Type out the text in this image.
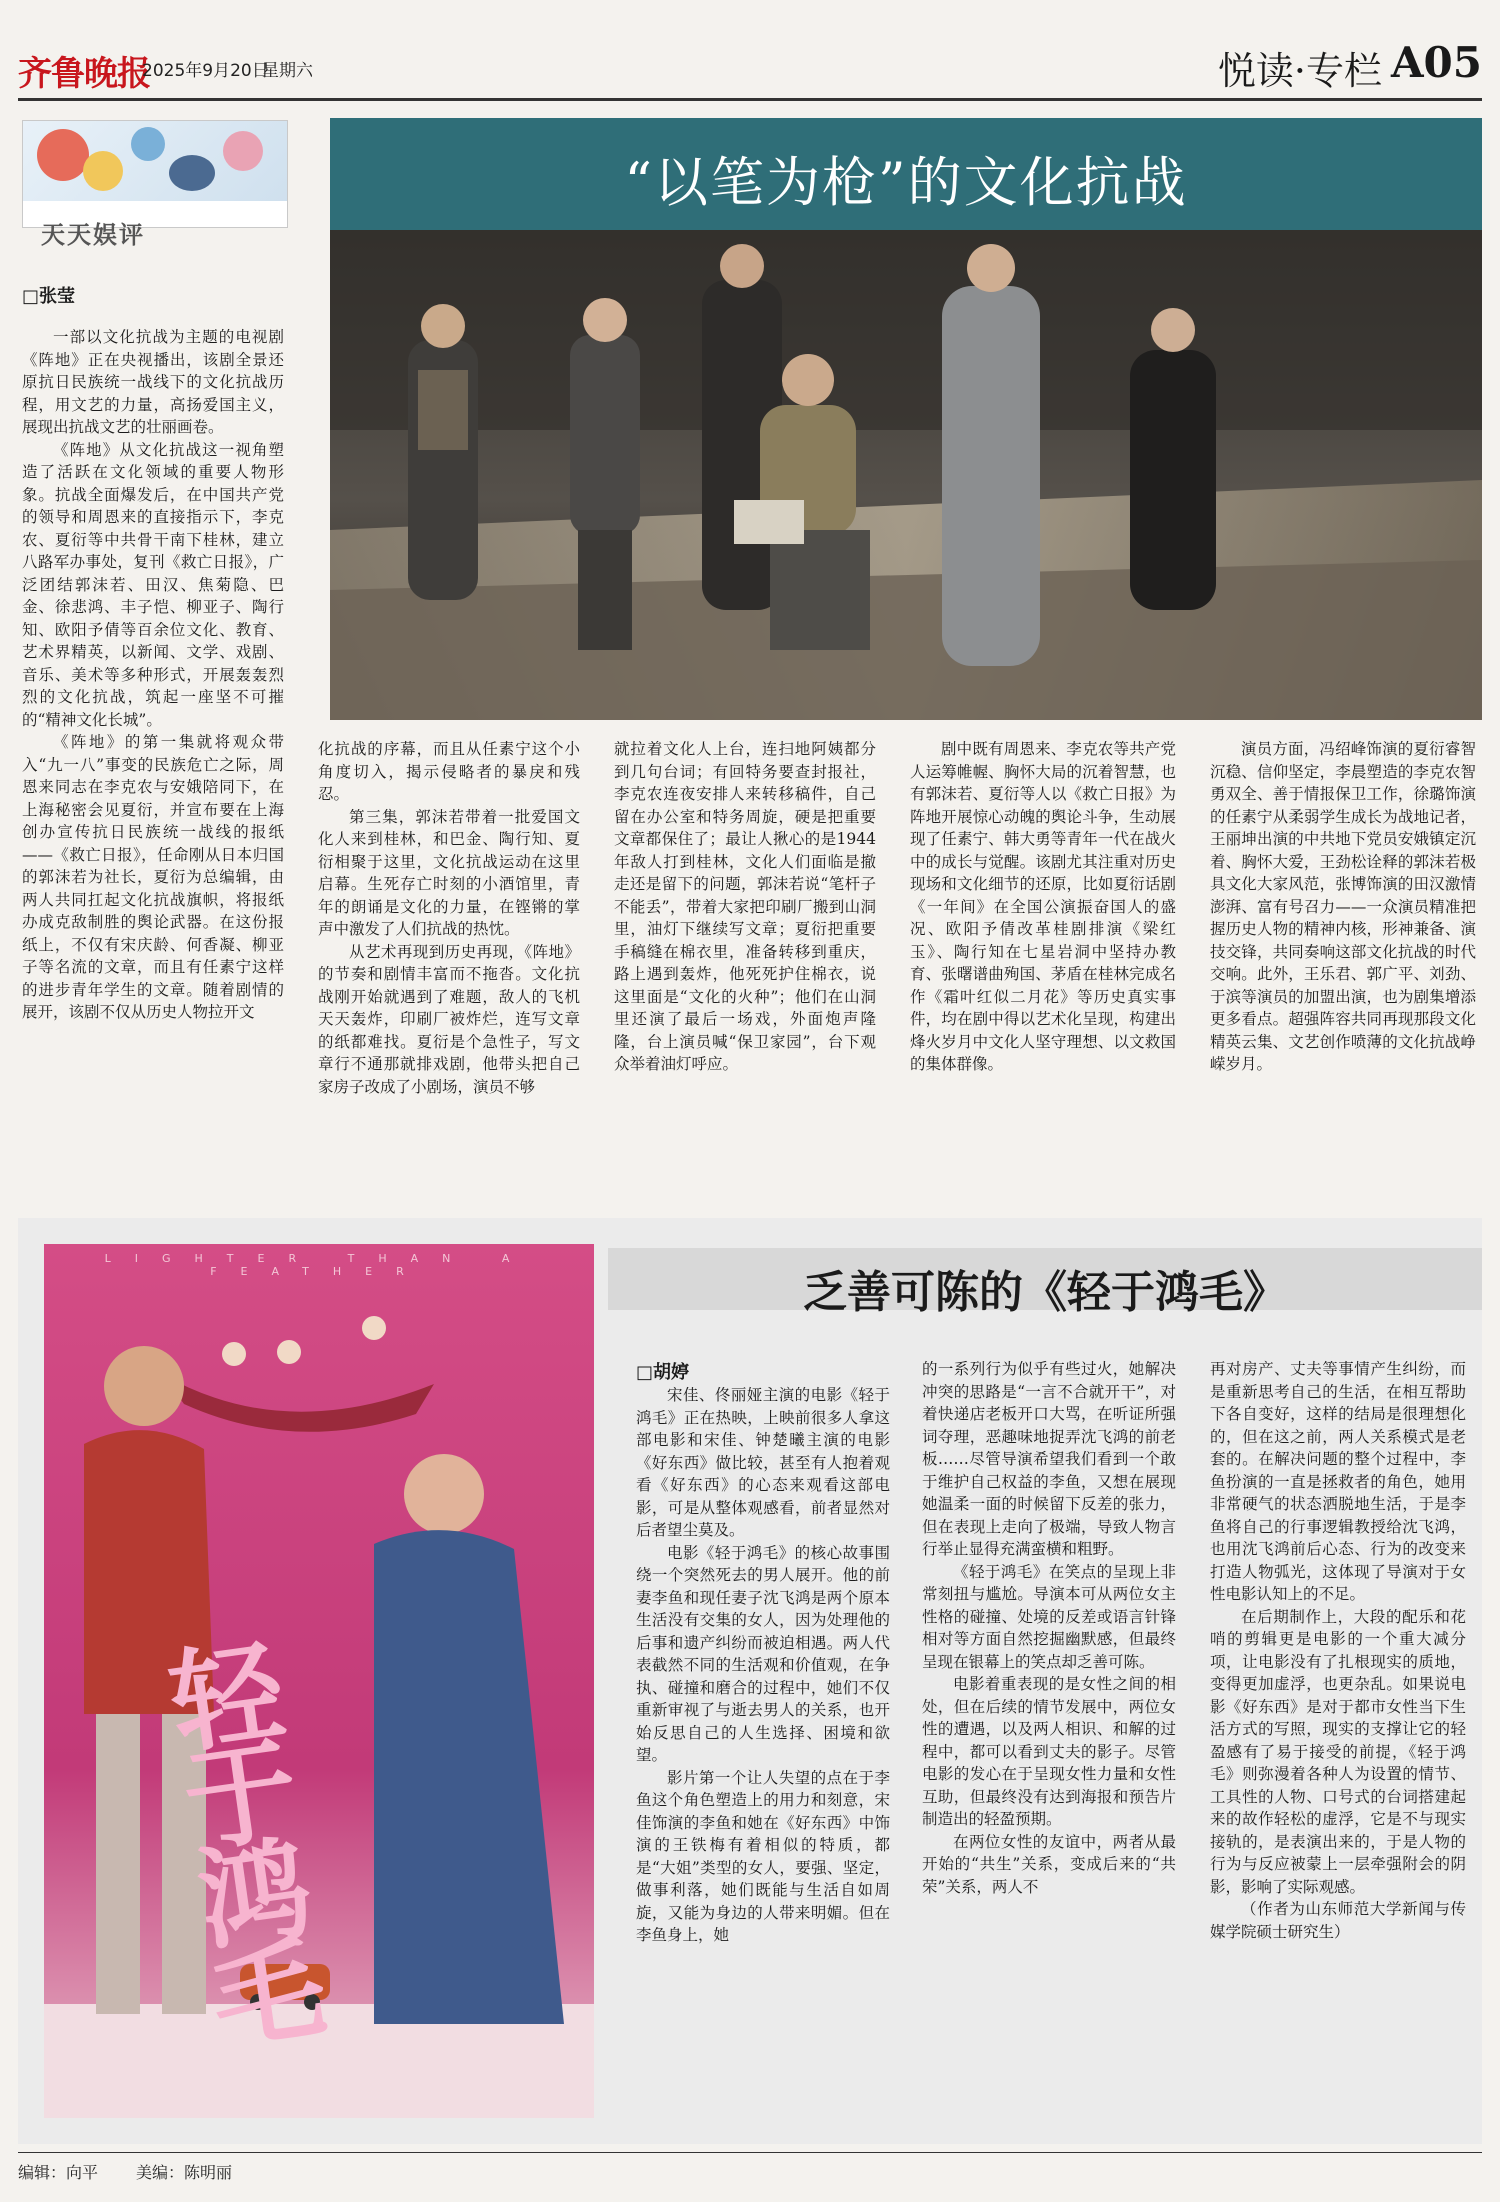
齐鲁晚报
2025年9月20日
星期六	悦读·专栏 A05
天天娱评
“以笔为枪”的文化抗战
□张莹

一部以文化抗战为主题的电视剧《阵地》正在央视播出，该剧全景还原抗日民族统一战线下的文化抗战历程，用文艺的力量，高扬爱国主义，展现出抗战文艺的壮丽画卷。

《阵地》从文化抗战这一视角塑造了活跃在文化领域的重要人物形象。抗战全面爆发后，在中国共产党的领导和周恩来的直接指示下，李克农、夏衍等中共骨干南下桂林，建立八路军办事处，复刊《救亡日报》，广泛团结郭沫若、田汉、焦菊隐、巴金、徐悲鸿、丰子恺、柳亚子、陶行知、欧阳予倩等百余位文化、教育、艺术界精英，以新闻、文学、戏剧、音乐、美术等多种形式，开展轰轰烈烈的文化抗战，筑起一座坚不可摧的“精神文化长城”。

《阵地》的第一集就将观众带入“九一八”事变的民族危亡之际，周恩来同志在李克农与安娥陪同下，在上海秘密会见夏衍，并宣布要在上海创办宣传抗日民族统一战线的报纸——《救亡日报》，任命刚从日本归国的郭沫若为社长，夏衍为总编辑，由两人共同扛起文化抗战旗帜，将报纸办成克敌制胜的舆论武器。在这份报纸上，不仅有宋庆龄、何香凝、柳亚子等名流的文章，而且有任素宁这样的进步青年学生的文章。随着剧情的展开，该剧不仅从历史人物拉开文

化抗战的序幕，而且从任素宁这个小角度切入，揭示侵略者的暴戾和残忍。

第三集，郭沫若带着一批爱国文化人来到桂林，和巴金、陶行知、夏衍相聚于这里，文化抗战运动在这里启幕。生死存亡时刻的小酒馆里，青年的朗诵是文化的力量，在铿锵的掌声中激发了人们抗战的热忱。

从艺术再现到历史再现，《阵地》的节奏和剧情丰富而不拖沓。文化抗战刚开始就遇到了难题，敌人的飞机天天轰炸，印刷厂被炸烂，连写文章的纸都难找。夏衍是个急性子，写文章行不通那就排戏剧，他带头把自己家房子改成了小剧场，演员不够

就拉着文化人上台，连扫地阿姨都分到几句台词；有回特务要查封报社，李克农连夜安排人来转移稿件，自己留在办公室和特务周旋，硬是把重要文章都保住了；最让人揪心的是1944年敌人打到桂林，文化人们面临是撤走还是留下的问题，郭沫若说“笔杆子不能丢”，带着大家把印刷厂搬到山洞里，油灯下继续写文章；夏衍把重要手稿缝在棉衣里，准备转移到重庆，路上遇到轰炸，他死死护住棉衣，说这里面是“文化的火种”；他们在山洞里还演了最后一场戏，外面炮声隆隆，台上演员喊“保卫家园”，台下观众举着油灯呼应。

剧中既有周恩来、李克农等共产党人运筹帷幄、胸怀大局的沉着智慧，也有郭沫若、夏衍等人以《救亡日报》为阵地开展惊心动魄的舆论斗争，生动展现了任素宁、韩大勇等青年一代在战火中的成长与觉醒。该剧尤其注重对历史现场和文化细节的还原，比如夏衍话剧《一年间》在全国公演振奋国人的盛况、欧阳予倩改革桂剧排演《梁红玉》、陶行知在七星岩洞中坚持办教育、张曙谱曲殉国、茅盾在桂林完成名作《霜叶红似二月花》等历史真实事件，均在剧中得以艺术化呈现，构建出烽火岁月中文化人坚守理想、以文救国的集体群像。

演员方面，冯绍峰饰演的夏衍睿智沉稳、信仰坚定，李晨塑造的李克农智勇双全、善于情报保卫工作，徐璐饰演的任素宁从柔弱学生成长为战地记者，王丽坤出演的中共地下党员安娥镇定沉着、胸怀大爱，王劲松诠释的郭沫若极具文化大家风范，张博饰演的田汉激情澎湃、富有号召力——一众演员精准把握历史人物的精神内核，形神兼备、演技交锋，共同奏响这部文化抗战的时代交响。此外，王乐君、郭广平、刘劲、于滨等演员的加盟出演，也为剧集增添更多看点。超强阵容共同再现那段文化精英云集、文艺创作喷薄的文化抗战峥嵘岁月。

乏善可陈的《轻于鸿毛》
LIGHTER THAN A FEATHER
轻于鸿毛
□胡婷

宋佳、佟丽娅主演的电影《轻于鸿毛》正在热映，上映前很多人拿这部电影和宋佳、钟楚曦主演的电影《好东西》做比较，甚至有人抱着观看《好东西》的心态来观看这部电影，可是从整体观感看，前者显然对后者望尘莫及。

电影《轻于鸿毛》的核心故事围绕一个突然死去的男人展开。他的前妻李鱼和现任妻子沈飞鸿是两个原本生活没有交集的女人，因为处理他的后事和遗产纠纷而被迫相遇。两人代表截然不同的生活观和价值观，在争执、碰撞和磨合的过程中，她们不仅重新审视了与逝去男人的关系，也开始反思自己的人生选择、困境和欲望。

影片第一个让人失望的点在于李鱼这个角色塑造上的用力和刻意，宋佳饰演的李鱼和她在《好东西》中饰演的王铁梅有着相似的特质，都是“大姐”类型的女人，要强、坚定，做事利落，她们既能与生活自如周旋，又能为身边的人带来明媚。但在李鱼身上，她

的一系列行为似乎有些过火，她解决冲突的思路是“一言不合就开干”，对着快递店老板开口大骂，在听证所强词夺理，恶趣味地捉弄沈飞鸿的前老板……尽管导演希望我们看到一个敢于维护自己权益的李鱼，又想在展现她温柔一面的时候留下反差的张力，但在表现上走向了极端，导致人物言行举止显得充满蛮横和粗野。

《轻于鸿毛》在笑点的呈现上非常刻扭与尴尬。导演本可从两位女主性格的碰撞、处境的反差或语言针锋相对等方面自然挖掘幽默感，但最终呈现在银幕上的笑点却乏善可陈。

电影着重表现的是女性之间的相处，但在后续的情节发展中，两位女性的遭遇，以及两人相识、和解的过程中，都可以看到丈夫的影子。尽管电影的发心在于呈现女性力量和女性互助，但最终没有达到海报和预告片制造出的轻盈预期。

在两位女性的友谊中，两者从最开始的“共生”关系，变成后来的“共荣”关系，两人不

再对房产、丈夫等事情产生纠纷，而是重新思考自己的生活，在相互帮助下各自变好，这样的结局是很理想化的，但在这之前，两人关系模式是老套的。在解决问题的整个过程中，李鱼扮演的一直是拯救者的角色，她用非常硬气的状态洒脱地生活，于是李鱼将自己的行事逻辑教授给沈飞鸿，也用沈飞鸿前后心态、行为的改变来打造人物弧光，这体现了导演对于女性电影认知上的不足。

在后期制作上，大段的配乐和花哨的剪辑更是电影的一个重大减分项，让电影没有了扎根现实的质地，变得更加虚浮，也更杂乱。如果说电影《好东西》是对于都市女性当下生活方式的写照，现实的支撑让它的轻盈感有了易于接受的前提，《轻于鸿毛》则弥漫着各种人为设置的情节、工具性的人物、口号式的台词搭建起来的故作轻松的虚浮，它是不与现实接轨的，是表演出来的，于是人物的行为与反应被蒙上一层牵强附会的阴影，影响了实际观感。

（作者为山东师范大学新闻与传媒学院硕士研究生）

编辑：向平 美编：陈明丽
